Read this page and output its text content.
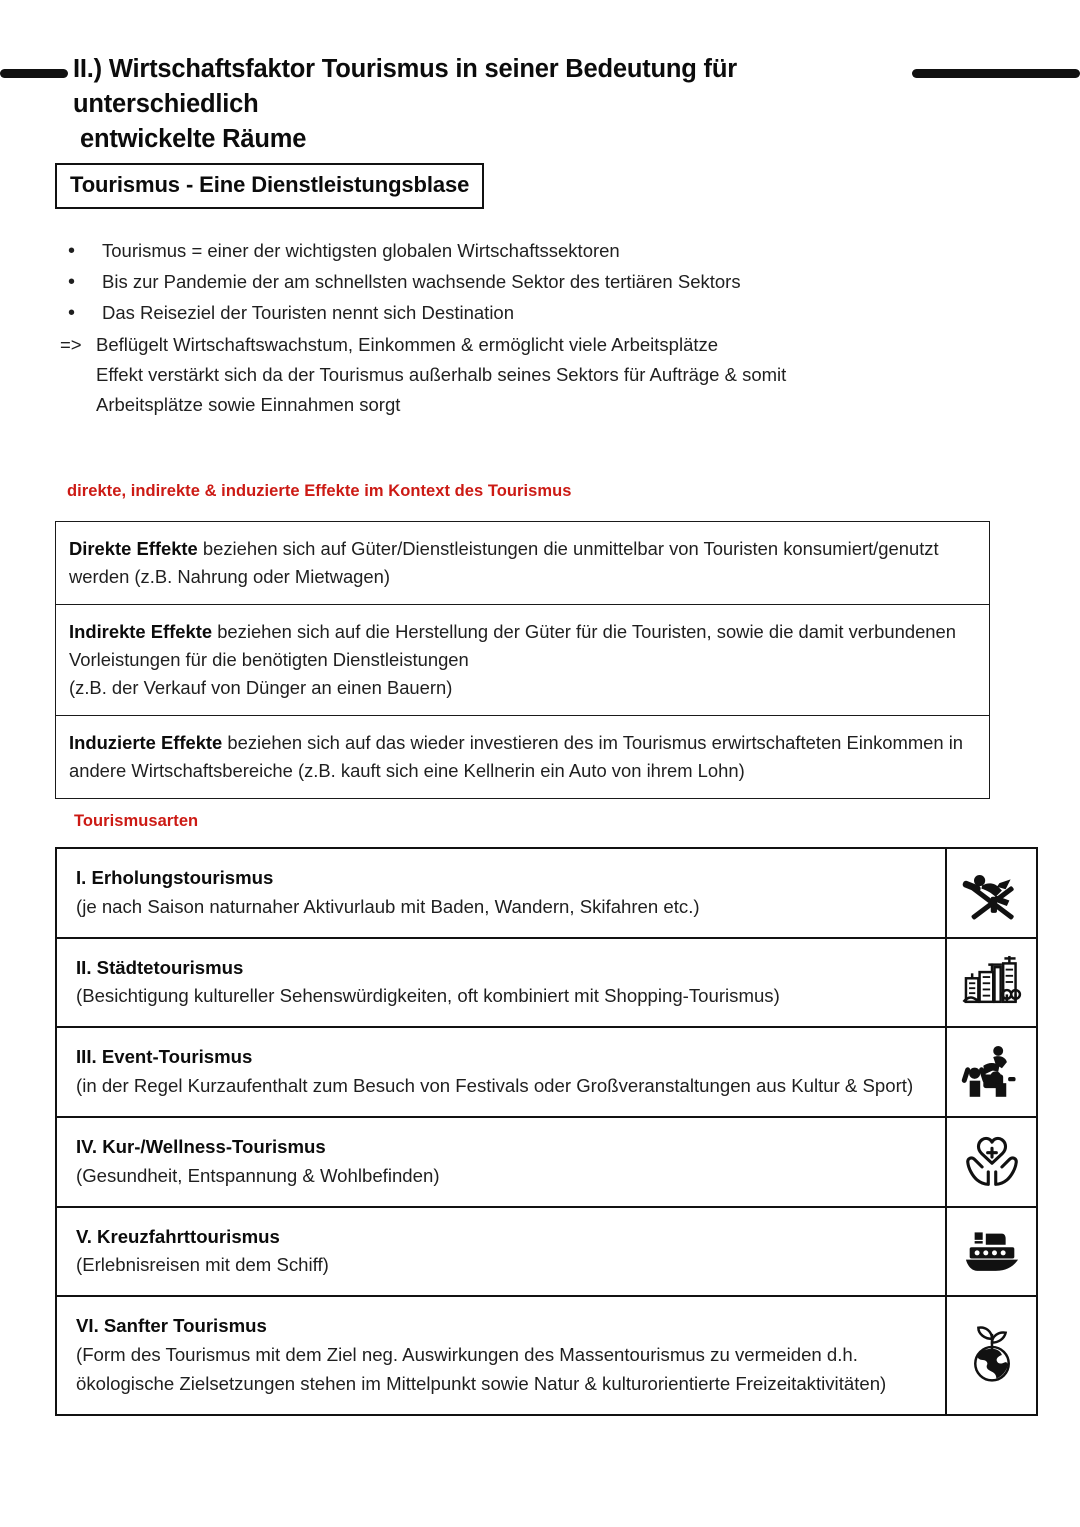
II.) Wirtschaftsfaktor Tourismus in seiner Bedeutung für unterschiedlich
entwickelte Räume
Tourismus - Eine Dienstleistungsblase
•	Tourismus = einer der wichtigsten globalen Wirtschaftssektoren
•	Bis zur Pandemie der am schnellsten wachsende Sektor des tertiären Sektors
•	Das Reiseziel der Touristen nennt sich Destination
=> Beflügelt Wirtschaftswachstum, Einkommen & ermöglicht viele Arbeitsplätze
Effekt verstärkt sich da der Tourismus außerhalb seines Sektors für Aufträge & somit
Arbeitsplätze sowie Einnahmen sorgt
direkte, indirekte & induzierte Effekte im Kontext des Tourismus
Direkte Effekte beziehen sich auf Güter/Dienstleistungen die unmittelbar von Touristen konsumiert/genutzt werden (z.B. Nahrung oder Mietwagen)
Indirekte Effekte beziehen sich auf die Herstellung der Güter für die Touristen, sowie die damit verbundenen Vorleistungen für die benötigten Dienstleistungen
(z.B. der Verkauf von Dünger an einen Bauern)
Induzierte Effekte beziehen sich auf das wieder investieren des im Tourismus erwirtschafteten Einkommen in andere Wirtschaftsbereiche (z.B. kauft sich eine Kellnerin ein Auto von ihrem Lohn)
Tourismusarten
I. Erholungstourismus
(je nach Saison naturnaher Aktivurlaub mit Baden, Wandern, Skifahren etc.)
II. Städtetourismus
(Besichtigung kultureller Sehenswürdigkeiten, oft kombiniert mit Shopping-Tourismus)
III. Event-Tourismus
(in der Regel Kurzaufenthalt zum Besuch von Festivals oder Großveranstaltungen aus Kultur & Sport)
IV. Kur-/Wellness-Tourismus
(Gesundheit, Entspannung & Wohlbefinden)
V. Kreuzfahrttourismus
(Erlebnisreisen mit dem Schiff)
VI. Sanfter Tourismus
(Form des Tourismus mit dem Ziel neg. Auswirkungen des Massentourismus zu vermeiden d.h. ökologische Zielsetzungen stehen im Mittelpunkt sowie Natur & kulturorientierte Freizeitaktivitäten)
